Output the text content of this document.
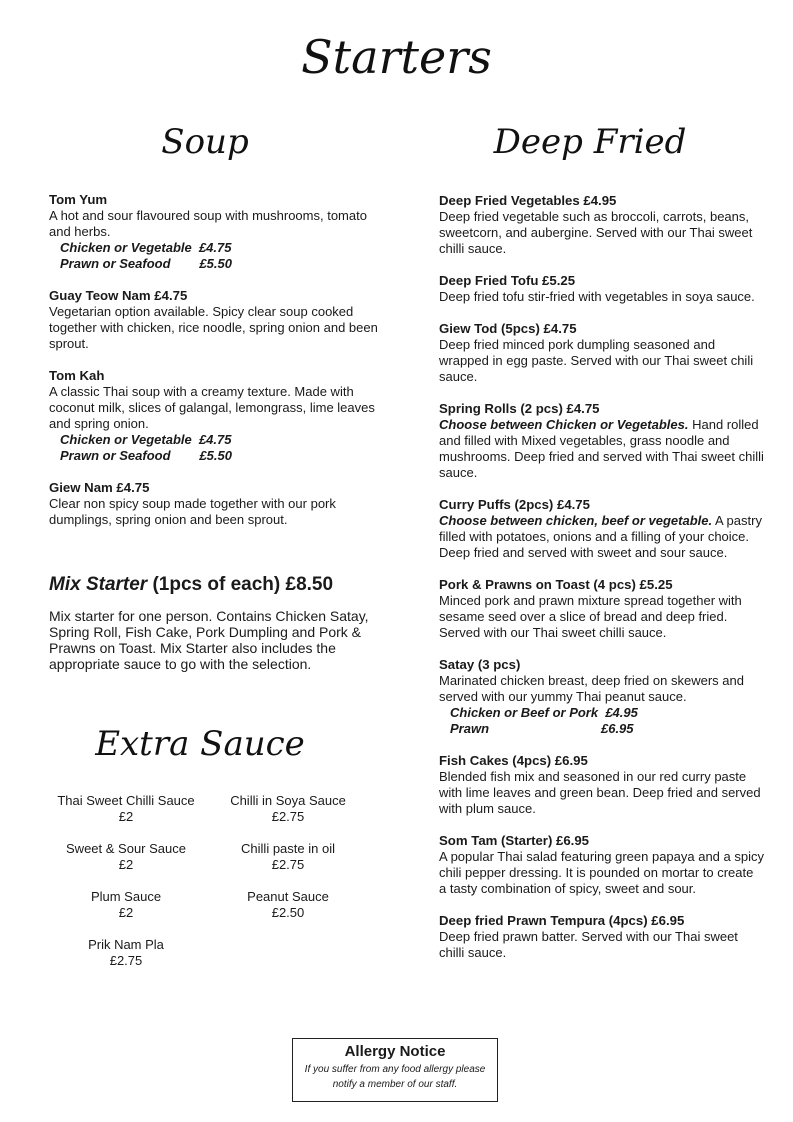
Starters
Soup	Deep Fried
Tom Yum

A hot and sour flavoured soup with mushrooms, tomato and herbs.

Chicken or Vegetable  £4.75
Prawn or Seafood        £5.50
Guay Teow Nam £4.75

Vegetarian option available. Spicy clear soup cooked together with chicken, rice noodle, spring onion and been sprout.

Tom Kah

A classic Thai soup with a creamy texture. Made with coconut milk, slices of galangal, lemongrass, lime leaves and spring onion.

Chicken or Vegetable  £4.75
Prawn or Seafood        £5.50
Giew Nam £4.75

Clear non spicy soup made together with our pork dumplings, spring onion and been sprout.

Deep Fried Vegetables £4.95

Deep fried vegetable such as broccoli, carrots, beans, sweetcorn, and aubergine. Served with our Thai sweet chilli sauce.

Deep Fried Tofu £5.25

Deep fried tofu stir-fried with vegetables in soya sauce.

Giew Tod (5pcs) £4.75

Deep fried minced pork dumpling seasoned and wrapped in egg paste. Served with our Thai sweet chili sauce.

Spring Rolls (2 pcs) £4.75

Choose between Chicken or Vegetables. Hand rolled and filled with Mixed vegetables, grass noodle and mushrooms. Deep fried and served with Thai sweet chilli sauce.

Curry Puffs (2pcs) £4.75

Choose between chicken, beef or vegetable. A pastry filled with potatoes, onions and a filling of your choice. Deep fried and served with sweet and sour sauce.

Pork & Prawns on Toast (4 pcs) £5.25

Minced pork and prawn mixture spread together with sesame seed over a slice of bread and deep fried. Served with our Thai sweet chilli sauce.

Satay (3 pcs)

Marinated chicken breast, deep fried on skewers and served with our yummy Thai peanut sauce.

Chicken or Beef or Pork  £4.95
Prawn                               £6.95
Fish Cakes (4pcs) £6.95

Blended fish mix and seasoned in our red curry paste with lime leaves and green bean. Deep fried and served with plum sauce.

Som Tam (Starter) £6.95

A popular Thai salad featuring green papaya and a spicy chili pepper dressing. It is pounded on mortar to create a tasty combination of spicy, sweet and sour.

Deep fried Prawn Tempura (4pcs) £6.95

Deep fried prawn batter. Served with our Thai sweet chilli sauce.

Mix Starter (1pcs of each) £8.50

Mix starter for one person. Contains Chicken Satay, Spring Roll, Fish Cake, Pork Dumpling and Pork & Prawns on Toast. Mix Starter also includes the appropriate sauce to go with the selection.

Extra Sauce
Thai Sweet Chilli Sauce
£2
Chilli in Soya Sauce
£2.75
Sweet & Sour Sauce
£2
Chilli paste in oil
£2.75
Plum Sauce
£2
Peanut Sauce
£2.50
Prik Nam Pla
£2.75
Allergy Notice
If you suffer from any food allergy please notify a member of our staff.
